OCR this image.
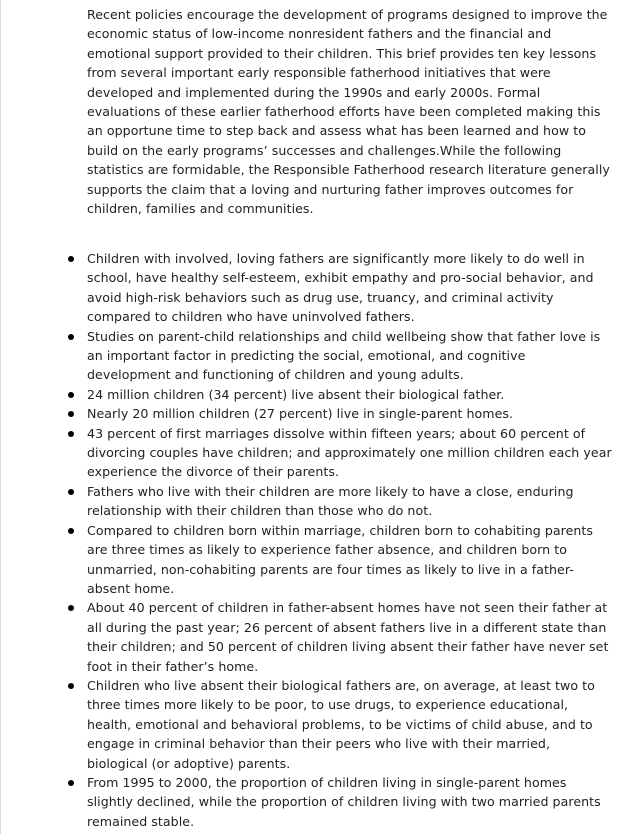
Recent policies encourage the development of programs designed to improve the economic status of low-income nonresident fathers and the financial and emotional support provided to their children. This brief provides ten key lessons from several important early responsible fatherhood initiatives that were developed and implemented during the 1990s and early 2000s. Formal evaluations of these earlier fatherhood efforts have been completed making this an opportune time to step back and assess what has been learned and how to build on the early programs’ successes and challenges.While the following statistics are formidable, the Responsible Fatherhood research literature generally supports the claim that a loving and nurturing father improves outcomes for children, families and communities.

Children with involved, loving fathers are significantly more likely to do well in school, have healthy self-esteem, exhibit empathy and pro-social behavior, and avoid high-risk behaviors such as drug use, truancy, and criminal activity compared to children who have uninvolved fathers.
Studies on parent-child relationships and child wellbeing show that father love is an important factor in predicting the social, emotional, and cognitive development and functioning of children and young adults.
24 million children (34 percent) live absent their biological father.
Nearly 20 million children (27 percent) live in single-parent homes.
43 percent of first marriages dissolve within fifteen years; about 60 percent of divorcing couples have children; and approximately one million children each year experience the divorce of their parents.
Fathers who live with their children are more likely to have a close, enduring relationship with their children than those who do not.
Compared to children born within marriage, children born to cohabiting parents are three times as likely to experience father absence, and children born to unmarried, non-cohabiting parents are four times as likely to live in a father-absent home.
About 40 percent of children in father-absent homes have not seen their father at all during the past year; 26 percent of absent fathers live in a different state than their children; and 50 percent of children living absent their father have never set foot in their father’s home.
Children who live absent their biological fathers are, on average, at least two to three times more likely to be poor, to use drugs, to experience educational, health, emotional and behavioral problems, to be victims of child abuse, and to engage in criminal behavior than their peers who live with their married, biological (or adoptive) parents.
From 1995 to 2000, the proportion of children living in single-parent homes slightly declined, while the proportion of children living with two married parents remained stable.
